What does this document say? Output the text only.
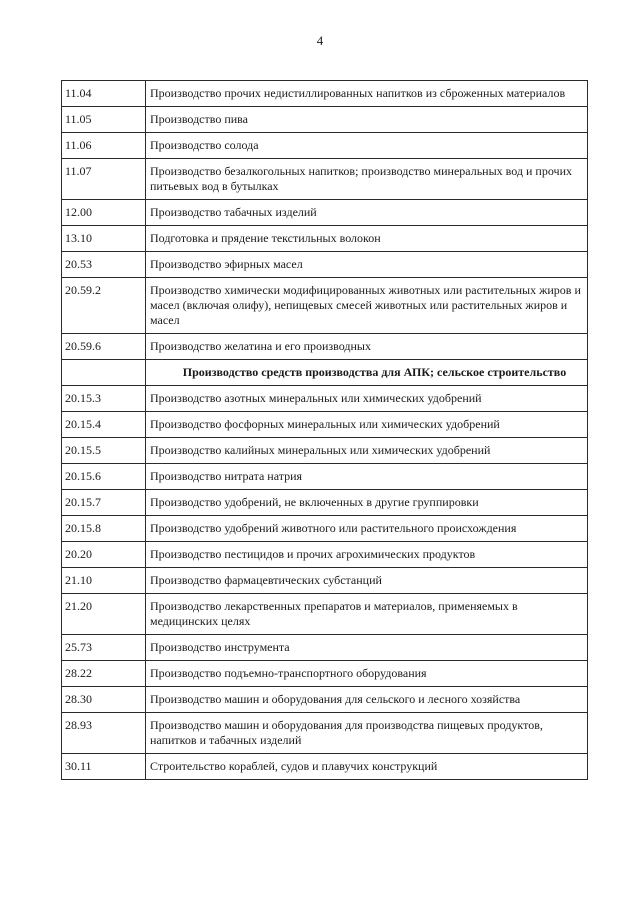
4
11.04	Производство прочих недистиллированных напитков из сброженных материалов
11.05	Производство пива
11.06	Производство солода
11.07	Производство безалкогольных напитков; производство минеральных вод и прочих питьевых вод в бутылках
12.00	Производство табачных изделий
13.10	Подготовка и прядение текстильных волокон
20.53	Производство эфирных масел
20.59.2	Производство химически модифицированных животных или растительных жиров и масел (включая олифу), непищевых смесей животных или растительных жиров и масел
20.59.6	Производство желатина и его производных
	Производство средств производства для АПК; сельское строительство
20.15.3	Производство азотных минеральных или химических удобрений
20.15.4	Производство фосфорных минеральных или химических удобрений
20.15.5	Производство калийных минеральных или химических удобрений
20.15.6	Производство нитрата натрия
20.15.7	Производство удобрений, не включенных в другие группировки
20.15.8	Производство удобрений животного или растительного происхождения
20.20	Производство пестицидов и прочих агрохимических продуктов
21.10	Производство фармацевтических субстанций
21.20	Производство лекарственных препаратов и материалов, применяемых в медицинских целях
25.73	Производство инструмента
28.22	Производство подъемно-транспортного оборудования
28.30	Производство машин и оборудования для сельского и лесного хозяйства
28.93	Производство машин и оборудования для производства пищевых продуктов, напитков и табачных изделий
30.11	Строительство кораблей, судов и плавучих конструкций
